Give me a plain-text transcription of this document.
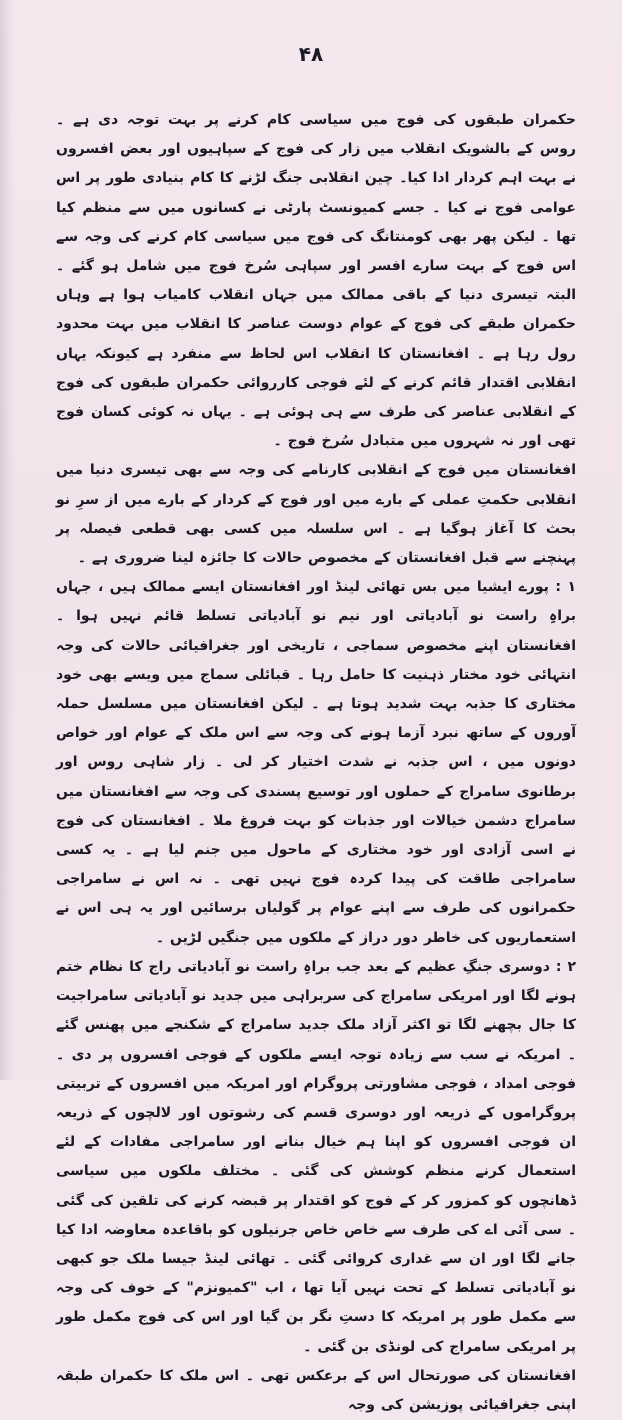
۴۸

حکمران طبقوں کی فوج میں سیاسی کام کرنے پر بہت توجہ دی ہے ۔ روس کے بالشویک انقلاب میں زار کی فوج کے سپاہیوں اور بعض افسروں نے بہت اہم کردار ادا کیا۔ چین انقلابی جنگ لڑنے کا کام بنیادی طور پر اس عوامی فوج نے کیا ۔ جسے کمیونسٹ پارٹی نے کسانوں میں سے منظم کیا تھا ۔ لیکن پھر بھی کومنتانگ کی فوج میں سیاسی کام کرنے کی وجہ سے اس فوج کے بہت سارے افسر اور سپاہی سُرخ فوج میں شامل ہو گئے ۔ البتہ تیسری دنیا کے باقی ممالک میں جہاں انقلاب کامیاب ہوا ہے وہاں حکمران طبقے کی فوج کے عوام دوست عناصر کا انقلاب میں بہت محدود رول رہا ہے ۔ افغانستان کا انقلاب اس لحاظ سے منفرد ہے کیونکہ یہاں انقلابی اقتدار قائم کرنے کے لئے فوجی کارروائی حکمران طبقوں کی فوج کے انقلابی عناصر کی طرف سے ہی ہوئی ہے ۔ یہاں نہ کوئی کسان فوج تھی اور نہ شہروں میں متبادل سُرخ فوج ۔

افغانستان میں فوج کے انقلابی کارنامے کی وجہ سے بھی تیسری دنیا میں انقلابی حکمتِ عملی کے بارے میں اور فوج کے کردار کے بارے میں از سرِ نو بحث کا آغاز ہوگیا ہے ۔ اس سلسلہ میں کسی بھی قطعی فیصلہ پر پہنچنے سے قبل افغانستان کے مخصوص حالات کا جائزہ لینا ضروری ہے ۔

۱ : پورے ایشیا میں بس تھائی لینڈ اور افغانستان ایسے ممالک ہیں ، جہاں براہِ راست نو آبادیاتی اور نیم نو آبادیاتی تسلط قائم نہیں ہوا ۔ افغانستان اپنے مخصوص سماجی ، تاریخی اور جغرافیائی حالات کی وجہ انتہائی خود مختار ذہنیت کا حامل رہا ۔ قبائلی سماج میں ویسے بھی خود مختاری کا جذبہ بہت شدید ہوتا ہے ۔ لیکن افغانستان میں مسلسل حملہ آوروں کے ساتھ نبرد آزما ہونے کی وجہ سے اس ملک کے عوام اور خواص دونوں میں ، اس جذبہ نے شدت اختیار کر لی ۔ زار شاہی روس اور برطانوی سامراج کے حملوں اور توسیع پسندی کی وجہ سے افغانستان میں سامراج دشمن خیالات اور جذبات کو بہت فروغ ملا ۔ افغانستان کی فوج نے اسی آزادی اور خود مختاری کے ماحول میں جنم لیا ہے ۔ یہ کسی سامراجی طاقت کی پیدا کردہ فوج نہیں تھی ۔ نہ اس نے سامراجی حکمرانوں کی طرف سے اپنے عوام پر گولیاں برسائیں اور یہ ہی اس نے استعماریوں کی خاطر دور دراز کے ملکوں میں جنگیں لڑیں ۔

۲ : دوسری جنگِ عظیم کے بعد جب براہِ راست نو آبادیاتی راج کا نظام ختم ہونے لگا اور امریکی سامراج کی سربراہی میں جدید نو آبادیاتی سامراجیت کا جال بچھنے لگا تو اکثر آزاد ملک جدید سامراج کے شکنجے میں پھنس گئے ۔ امریکہ نے سب سے زیادہ توجہ ایسے ملکوں کے فوجی افسروں پر دی ۔ فوجی امداد ، فوجی مشاورتی پروگرام اور امریکہ میں افسروں کے تربیتی پروگراموں کے ذریعہ اور دوسری قسم کی رشوتوں اور لالچوں کے ذریعہ ان فوجی افسروں کو اپنا ہم خیال بنانے اور سامراجی مفادات کے لئے استعمال کرنے منظم کوشش کی گئی ۔ مختلف ملکوں میں سیاسی ڈھانچوں کو کمزور کر کے فوج کو اقتدار پر قبضہ کرنے کی تلقین کی گئی ۔ سی آئی اے کی طرف سے خاص خاص جرنیلوں کو باقاعدہ معاوضہ ادا کیا جانے لگا اور ان سے غداری کروائی گئی ۔ تھائی لینڈ جیسا ملک جو کبھی نو آبادیاتی تسلط کے تحت نہیں آیا تھا ، اب "کمیونزم" کے خوف کی وجہ سے مکمل طور پر امریکہ کا دستِ نگر بن گیا اور اس کی فوج مکمل طور پر امریکی سامراج کی لونڈی بن گئی ۔

افغانستان کی صورتحال اس کے برعکس تھی ۔ اس ملک کا حکمران طبقہ اپنی جغرافیائی پوزیشن کی وجہ
